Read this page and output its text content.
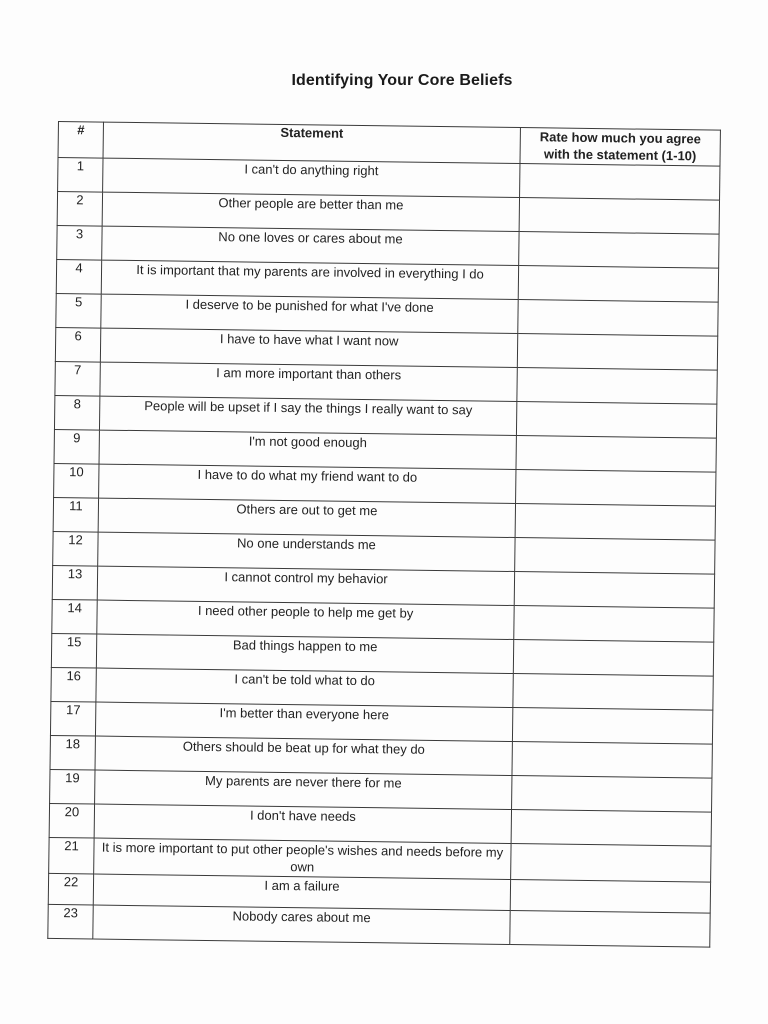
Identifying Your Core Beliefs
#	Statement	Rate how much you agree
with the statement (1-10)

1	I can't do anything right	
2	Other people are better than me	
3	No one loves or cares about me	
4	It is important that my parents are involved in everything I do	
5	I deserve to be punished for what I've done	
6	I have to have what I want now	
7	I am more important than others	
8	People will be upset if I say the things I really want to say	
9	I'm not good enough	
10	I have to do what my friend want to do	
11	Others are out to get me	
12	No one understands me	
13	I cannot control my behavior	
14	I need other people to help me get by	
15	Bad things happen to me	
16	I can't be told what to do	
17	I'm better than everyone here	
18	Others should be beat up for what they do	
19	My parents are never there for me	
20	I don't have needs	
21	It is more important to put other people's wishes and needs before my own	
22	I am a failure	
23	Nobody cares about me	
